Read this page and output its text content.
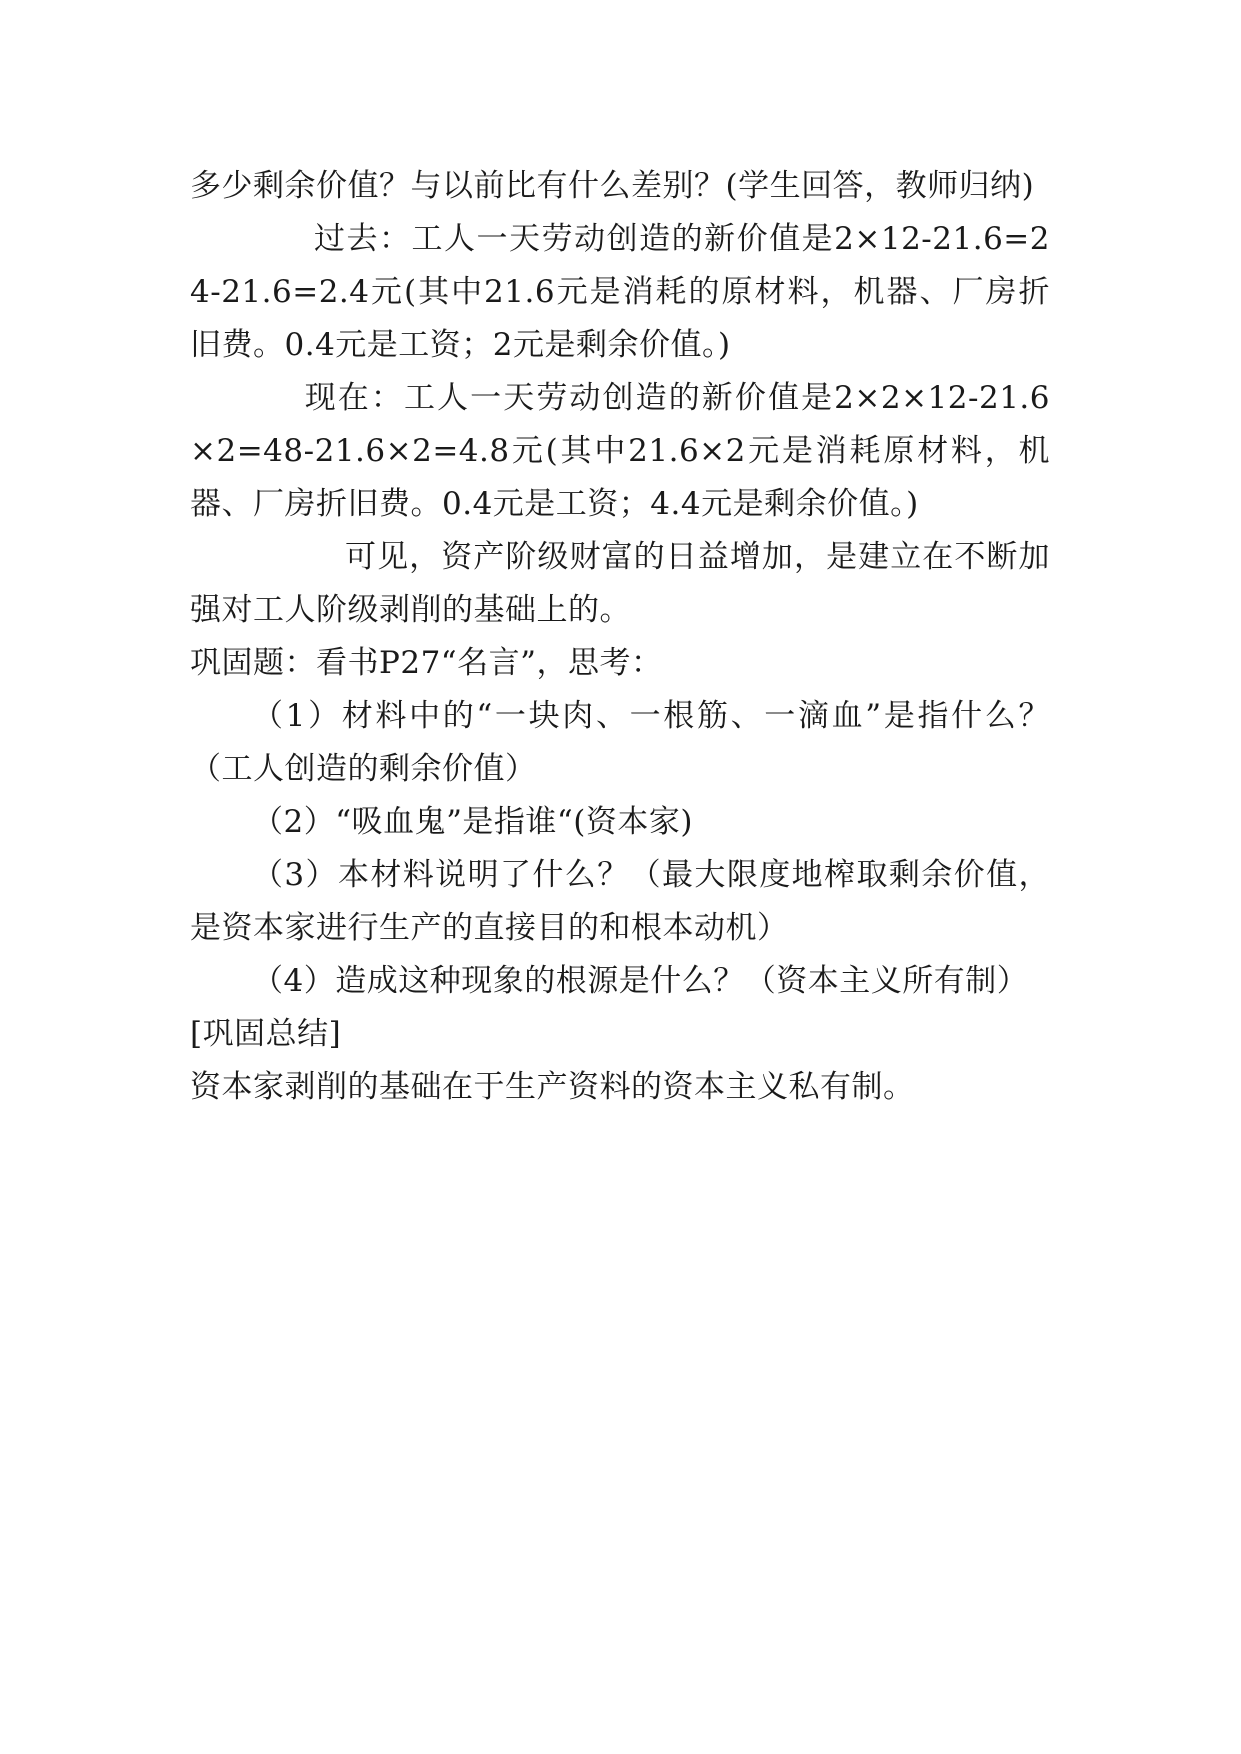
多少剩余价值？与以前比有什么差别？(学生回答，教师归纳)

过去：工人一天劳动创造的新价值是2×12-21.6=24-21.6=2.4元(其中21.6元是消耗的原材料，机器、厂房折旧费。0.4元是工资；2元是剩余价值。)

现在：工人一天劳动创造的新价值是2×2×12-21.6×2=48-21.6×2=4.8元(其中21.6×2元是消耗原材料，机器、厂房折旧费。0.4元是工资；4.4元是剩余价值。)

可见，资产阶级财富的日益增加，是建立在不断加强对工人阶级剥削的基础上的。

巩固题：看书P27“名言”，思考：

（1）材料中的“一块肉、一根筋、一滴血”是指什么？（工人创造的剩余价值）

（2）“吸血鬼”是指谁“(资本家)

（3）本材料说明了什么？（最大限度地榨取剩余价值，是资本家进行生产的直接目的和根本动机）

（4）造成这种现象的根源是什么？（资本主义所有制）

[巩固总结]

资本家剥削的基础在于生产资料的资本主义私有制。
